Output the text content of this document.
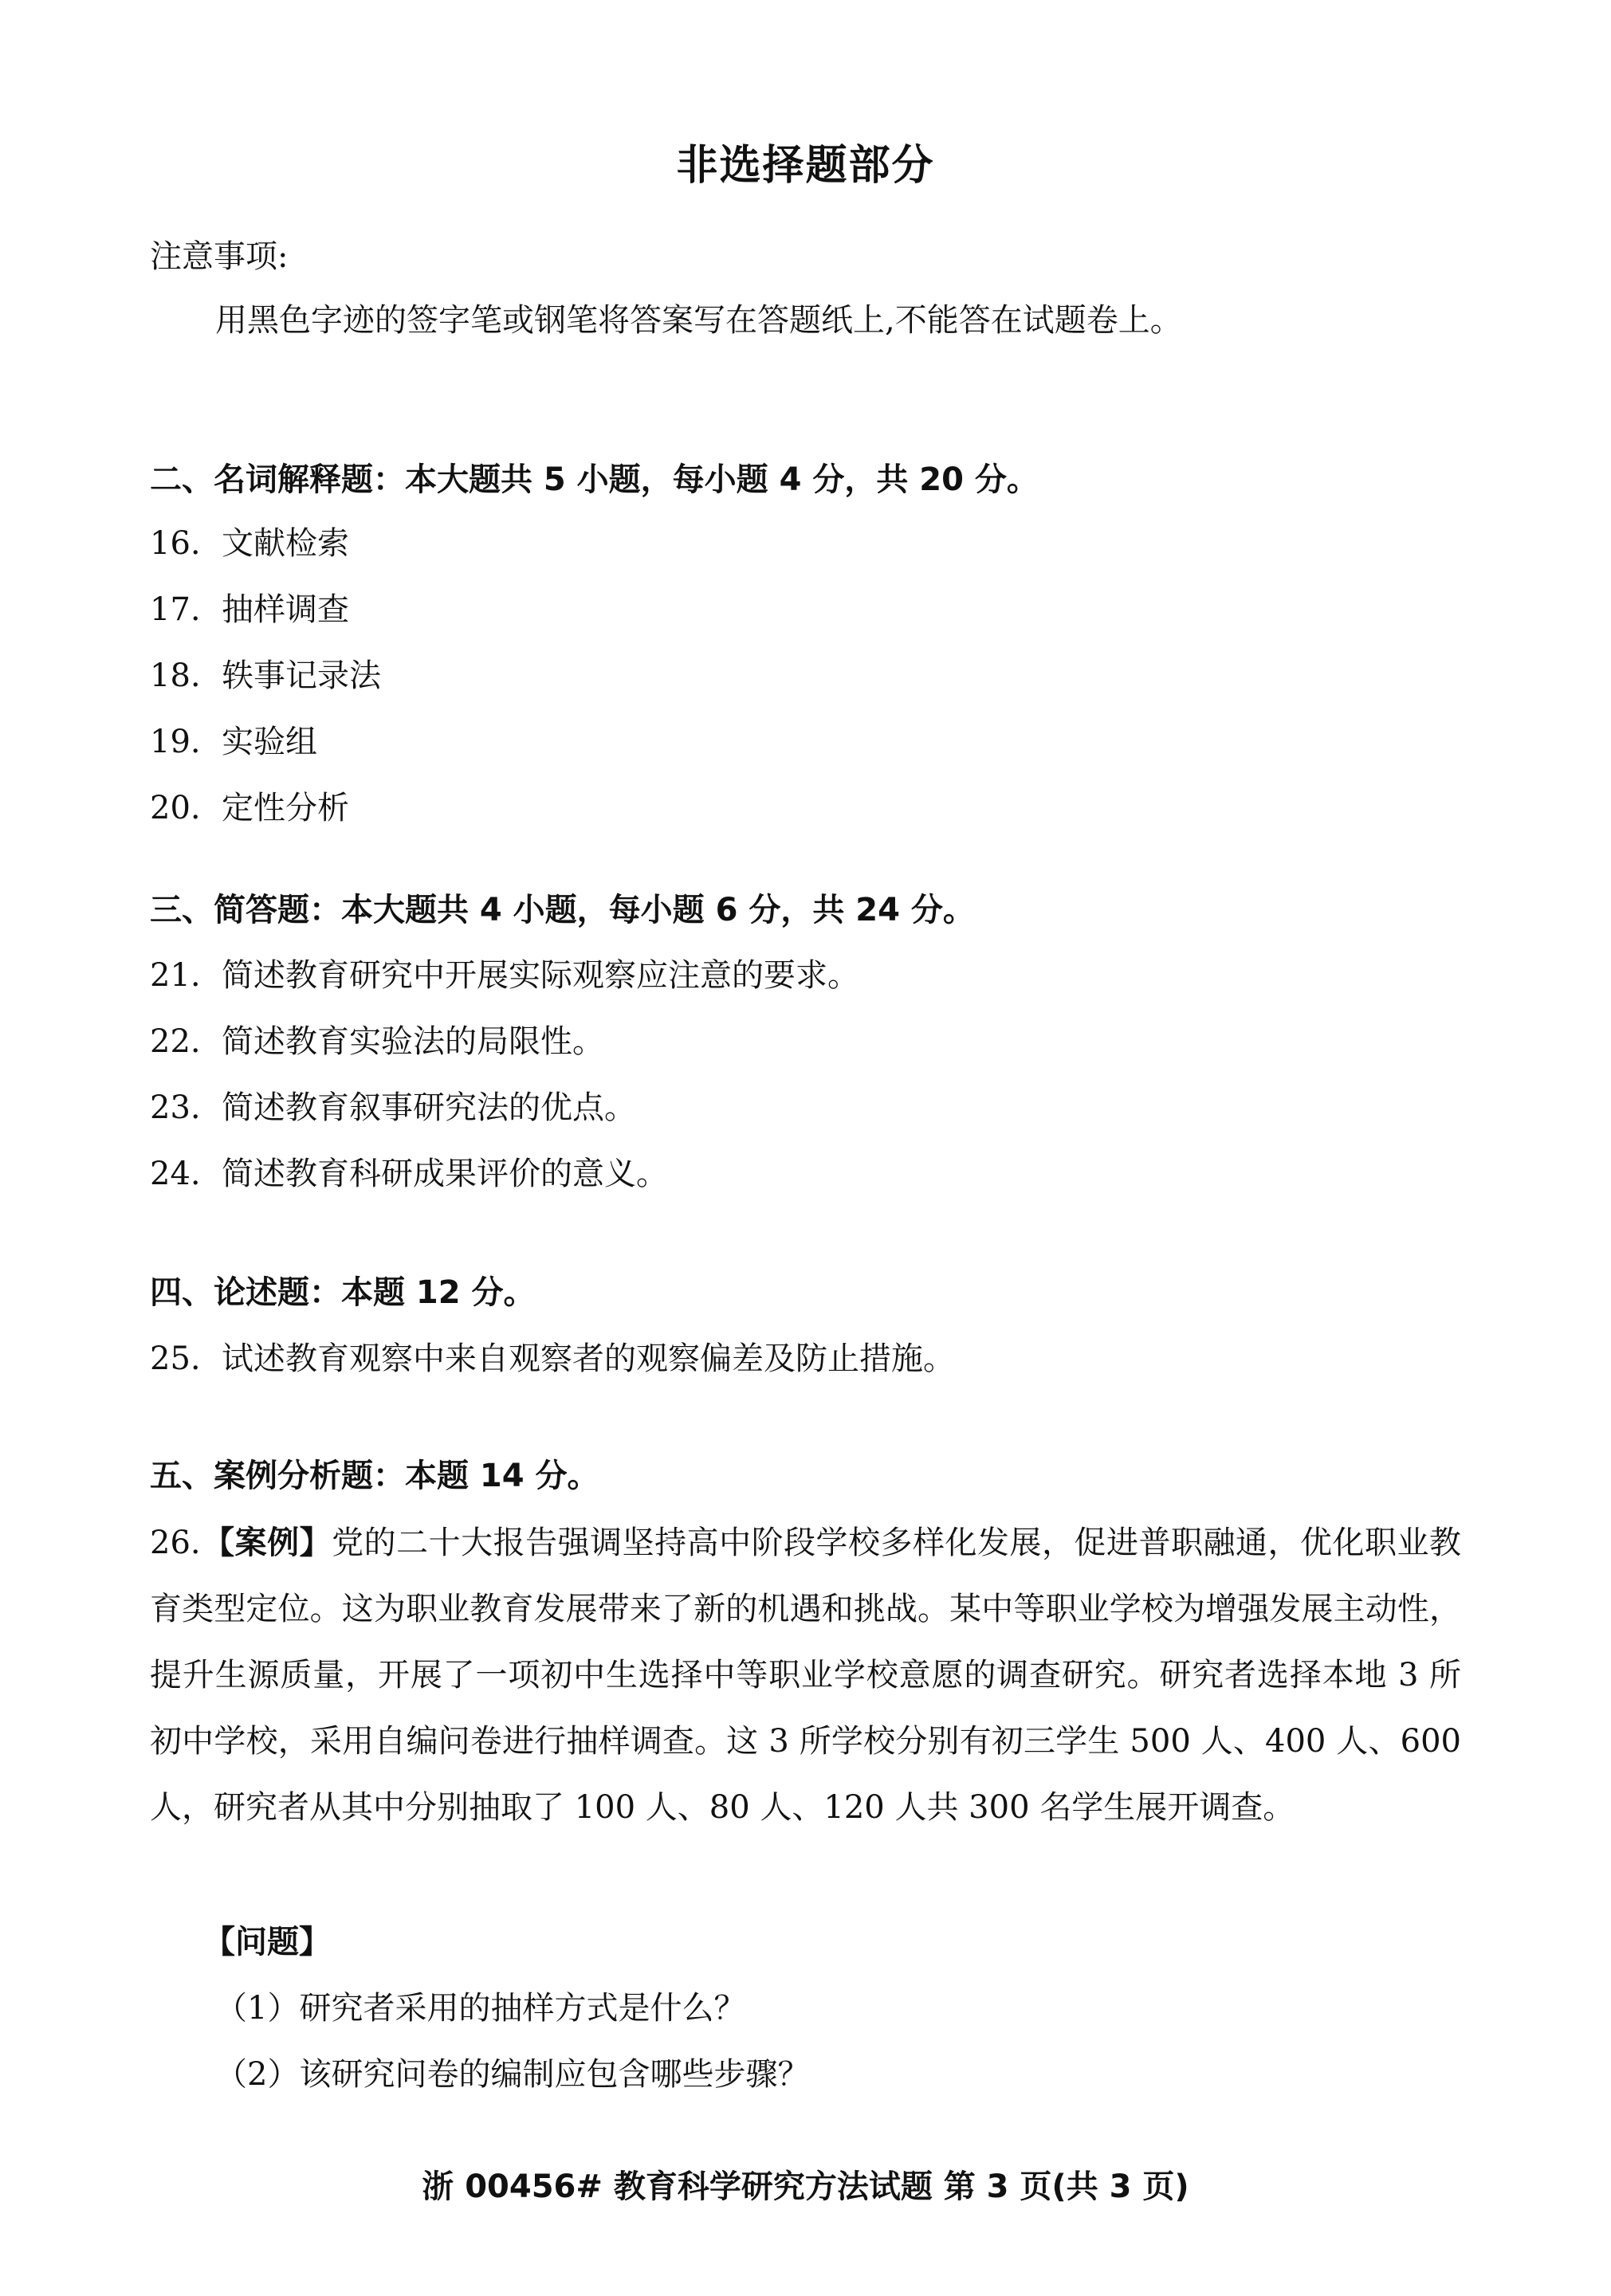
非选择题部分
注意事项:
用黑色字迹的签字笔或钢笔将答案写在答题纸上,不能答在试题卷上。
二、名词解释题：本大题共 5 小题，每小题 4 分，共 20 分。
16. 文献检索
17. 抽样调查
18. 轶事记录法
19. 实验组
20. 定性分析
三、简答题：本大题共 4 小题，每小题 6 分，共 24 分。
21. 简述教育研究中开展实际观察应注意的要求。
22. 简述教育实验法的局限性。
23. 简述教育叙事研究法的优点。
24. 简述教育科研成果评价的意义。
四、论述题：本题 12 分。
25. 试述教育观察中来自观察者的观察偏差及防止措施。
五、案例分析题：本题 14 分。
26.【案例】党的二十大报告强调坚持高中阶段学校多样化发展，促进普职融通，优化职业教育类型定位。这为职业教育发展带来了新的机遇和挑战。某中等职业学校为增强发展主动性，提升生源质量，开展了一项初中生选择中等职业学校意愿的调查研究。研究者选择本地 3 所初中学校，采用自编问卷进行抽样调查。这 3 所学校分别有初三学生 500 人、400 人、600 人，研究者从其中分别抽取了 100 人、80 人、120 人共 300 名学生展开调查。
【问题】
（1）研究者采用的抽样方式是什么？
（2）该研究问卷的编制应包含哪些步骤？
浙 00456# 教育科学研究方法试题 第 3 页(共 3 页)
